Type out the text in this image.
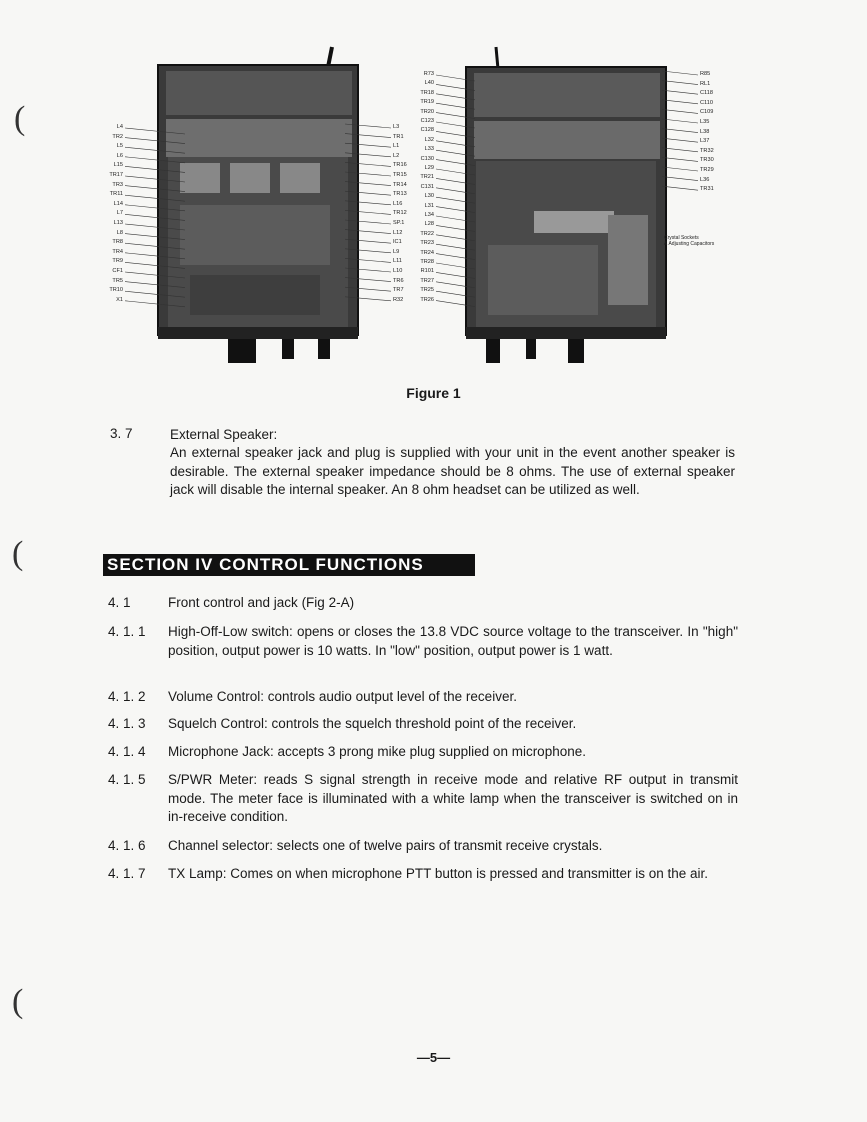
(
(
(
L4
TR2
L5
L6
L15
TR17
TR3
TR11
L14
L7
L13
L8
TR8
TR4
TR9
CF1
TR5
TR10
X1
L3
TR1
L1
L2
TR16
TR15
TR14
TR13
L16
TR12
SP.1
L12
IC1
L9
L11
L10
TR6
TR7
R32
R73
L40
TR18
TR19
TR20
C123
C128
L32
L33
C130
L29
TR21
C131
L30
L31
L34
L28
TR22
TR23
TR24
TR28
R101
TR27
TR25
TR26
R85
RL1
C118
C110
C109
L35
L38
L37
TR32
TR30
TR29
L36
TR31
Crystal Sockets
& Adjusting Capacitors
Figure 1
3. 7	External Speaker:
An external speaker jack and plug is supplied with your unit in the event another speaker is desirable. The external speaker impedance should be 8 ohms. The use of external speaker jack will disable the internal speaker. An 8 ohm headset can be utilized as well.
SECTION IV CONTROL FUNCTIONS
4. 1	Front control and jack (Fig 2-A)
4. 1. 1	High-Off-Low switch: opens or closes the 13.8 VDC source voltage to the transceiver. In "high" position, output power is 10 watts. In "low" position, output power is 1 watt.
4. 1. 2	Volume Control: controls audio output level of the receiver.
4. 1. 3	Squelch Control: controls the squelch threshold point of the receiver.
4. 1. 4	Microphone Jack: accepts 3 prong mike plug supplied on microphone.
4. 1. 5	S/PWR Meter: reads S signal strength in receive mode and relative RF output in transmit mode. The meter face is illuminated with a white lamp when the transceiver is switched on in in-receive condition.
4. 1. 6	Channel selector: selects one of twelve pairs of transmit receive crystals.
4. 1. 7	TX Lamp: Comes on when microphone PTT button is pressed and transmitter is on the air.
—5—
